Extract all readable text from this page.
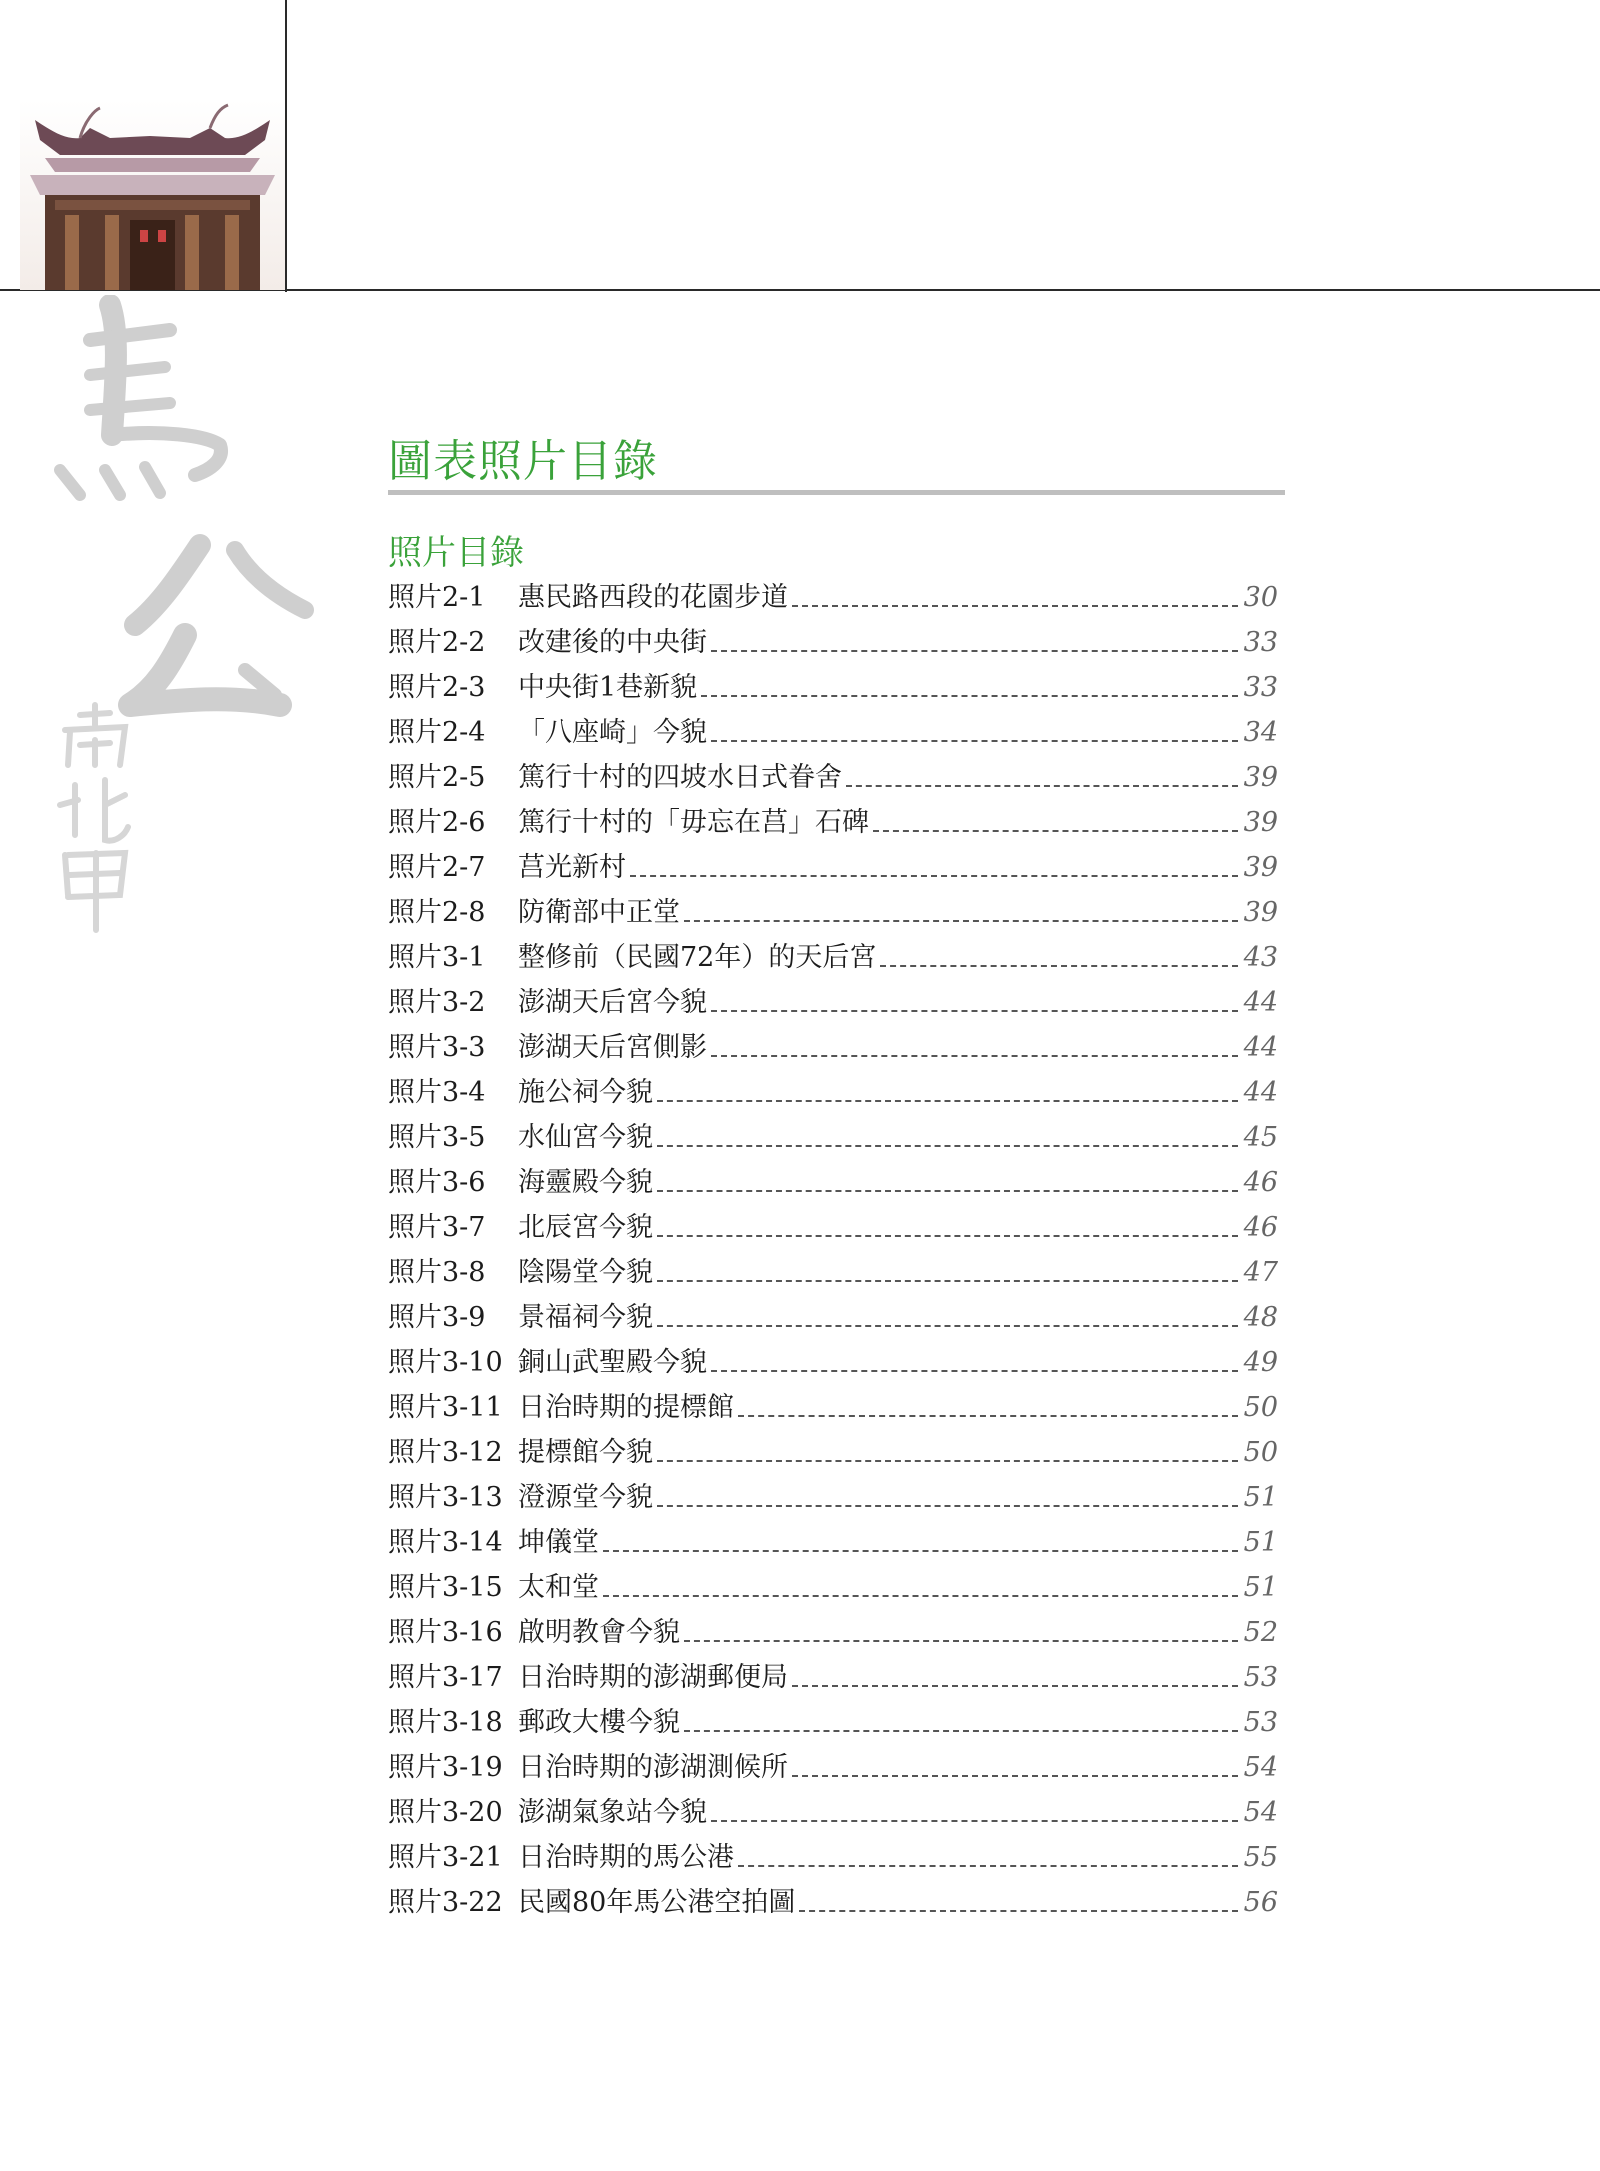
圖表照片目錄
照片目錄
照片2-1	惠民路西段的花園步道	30
照片2-2	改建後的中央街	33
照片2-3	中央街1巷新貌	33
照片2-4	「八座崎」今貌	34
照片2-5	篤行十村的四坡水日式眷舍	39
照片2-6	篤行十村的「毋忘在莒」石碑	39
照片2-7	莒光新村	39
照片2-8	防衛部中正堂	39
照片3-1	整修前（民國72年）的天后宮	43
照片3-2	澎湖天后宮今貌	44
照片3-3	澎湖天后宮側影	44
照片3-4	施公祠今貌	44
照片3-5	水仙宮今貌	45
照片3-6	海靈殿今貌	46
照片3-7	北辰宮今貌	46
照片3-8	陰陽堂今貌	47
照片3-9	景福祠今貌	48
照片3-10 銅山武聖殿今貌	49
照片3-11 日治時期的提標館	50
照片3-12 提標館今貌	50
照片3-13 澄源堂今貌	51
照片3-14 坤儀堂	51
照片3-15 太和堂	51
照片3-16 啟明教會今貌	52
照片3-17 日治時期的澎湖郵便局	53
照片3-18 郵政大樓今貌	53
照片3-19 日治時期的澎湖測候所	54
照片3-20 澎湖氣象站今貌	54
照片3-21 日治時期的馬公港	55
照片3-22 民國80年馬公港空拍圖	56
